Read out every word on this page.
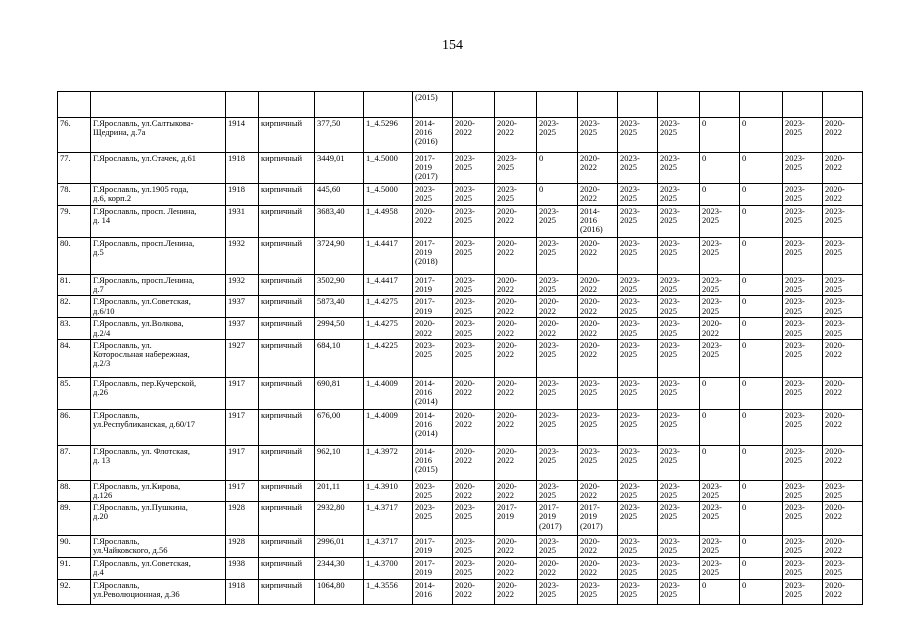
154
						(2015)										
76.	Г.Ярославль, ул.Салтыкова-
Щедрина, д.7а	1914	кирпичный	377,50	1_4.5296	2014-
2016
(2016)	2020-
2022	2020-
2022	2023-
2025	2023-
2025	2023-
2025	2023-
2025	0	0	2023-
2025	2020-
2022
77.	Г.Ярославль, ул.Стачек, д.61	1918	кирпичный	3449,01	1_4.5000	2017-
2019
(2017)	2023-
2025	2023-
2025	0	2020-
2022	2023-
2025	2023-
2025	0	0	2023-
2025	2020-
2022
78.	Г.Ярославль, ул.1905 года,
д.6, корп.2	1918	кирпичный	445,60	1_4.5000	2023-
2025	2023-
2025	2023-
2025	0	2020-
2022	2023-
2025	2023-
2025	0	0	2023-
2025	2020-
2022
79.	Г.Ярославль, просп. Ленина,
д. 14	1931	кирпичный	3683,40	1_4.4958	2020-
2022	2023-
2025	2020-
2022	2023-
2025	2014-
2016
(2016)	2023-
2025	2023-
2025	2023-
2025	0	2023-
2025	2023-
2025
80.	Г.Ярославль, просп.Ленина,
д.5	1932	кирпичный	3724,90	1_4.4417	2017-
2019
(2018)	2023-
2025	2020-
2022	2023-
2025	2020-
2022	2023-
2025	2023-
2025	2023-
2025	0	2023-
2025	2023-
2025
81.	Г.Ярославль, просп.Ленина,
д.7	1932	кирпичный	3502,90	1_4.4417	2017-
2019	2023-
2025	2020-
2022	2023-
2025	2020-
2022	2023-
2025	2023-
2025	2023-
2025	0	2023-
2025	2023-
2025
82.	Г.Ярославль, ул.Советская,
д.6/10	1937	кирпичный	5873,40	1_4.4275	2017-
2019	2023-
2025	2020-
2022	2020-
2022	2020-
2022	2023-
2025	2023-
2025	2023-
2025	0	2023-
2025	2023-
2025
83.	Г.Ярославль, ул.Волкова,
д.2/4	1937	кирпичный	2994,50	1_4.4275	2020-
2022	2023-
2025	2020-
2022	2020-
2022	2020-
2022	2023-
2025	2023-
2025	2020-
2022	0	2023-
2025	2023-
2025
84.	Г.Ярославль, ул.
Которосльная набережная,
д.2/3	1927	кирпичный	684,10	1_4.4225	2023-
2025	2023-
2025	2020-
2022	2023-
2025	2020-
2022	2023-
2025	2023-
2025	2023-
2025	0	2023-
2025	2020-
2022
85.	Г.Ярославль, пер.Кучерской,
д.26	1917	кирпичный	690,81	1_4.4009	2014-
2016
(2014)	2020-
2022	2020-
2022	2023-
2025	2023-
2025	2023-
2025	2023-
2025	0	0	2023-
2025	2020-
2022
86.	Г.Ярославль,
ул.Республиканская, д.60/17	1917	кирпичный	676,00	1_4.4009	2014-
2016
(2014)	2020-
2022	2020-
2022	2023-
2025	2023-
2025	2023-
2025	2023-
2025	0	0	2023-
2025	2020-
2022
87.	Г.Ярославль, ул. Флотская,
д. 13	1917	кирпичный	962,10	1_4.3972	2014-
2016
(2015)	2020-
2022	2020-
2022	2023-
2025	2023-
2025	2023-
2025	2023-
2025	0	0	2023-
2025	2020-
2022
88.	Г.Ярославль, ул.Кирова,
д.126	1917	кирпичный	201,11	1_4.3910	2023-
2025	2020-
2022	2020-
2022	2023-
2025	2020-
2022	2023-
2025	2023-
2025	2023-
2025	0	2023-
2025	2023-
2025
89.	Г.Ярославль, ул.Пушкина,
д.20	1928	кирпичный	2932,80	1_4.3717	2023-
2025	2023-
2025	2017-
2019	2017-
2019
(2017)	2017-
2019
(2017)	2023-
2025	2023-
2025	2023-
2025	0	2023-
2025	2020-
2022
90.	Г.Ярославль,
ул.Чайковского, д.56	1928	кирпичный	2996,01	1_4.3717	2017-
2019	2023-
2025	2020-
2022	2023-
2025	2020-
2022	2023-
2025	2023-
2025	2023-
2025	0	2023-
2025	2020-
2022
91.	Г.Ярославль, ул.Советская,
д.4	1938	кирпичный	2344,30	1_4.3700	2017-
2019	2023-
2025	2020-
2022	2020-
2022	2020-
2022	2023-
2025	2023-
2025	2023-
2025	0	2023-
2025	2023-
2025
92.	Г.Ярославль,
ул.Революционная, д.36	1918	кирпичный	1064,80	1_4.3556	2014-
2016	2020-
2022	2020-
2022	2023-
2025	2023-
2025	2023-
2025	2023-
2025	0	0	2023-
2025	2020-
2022
